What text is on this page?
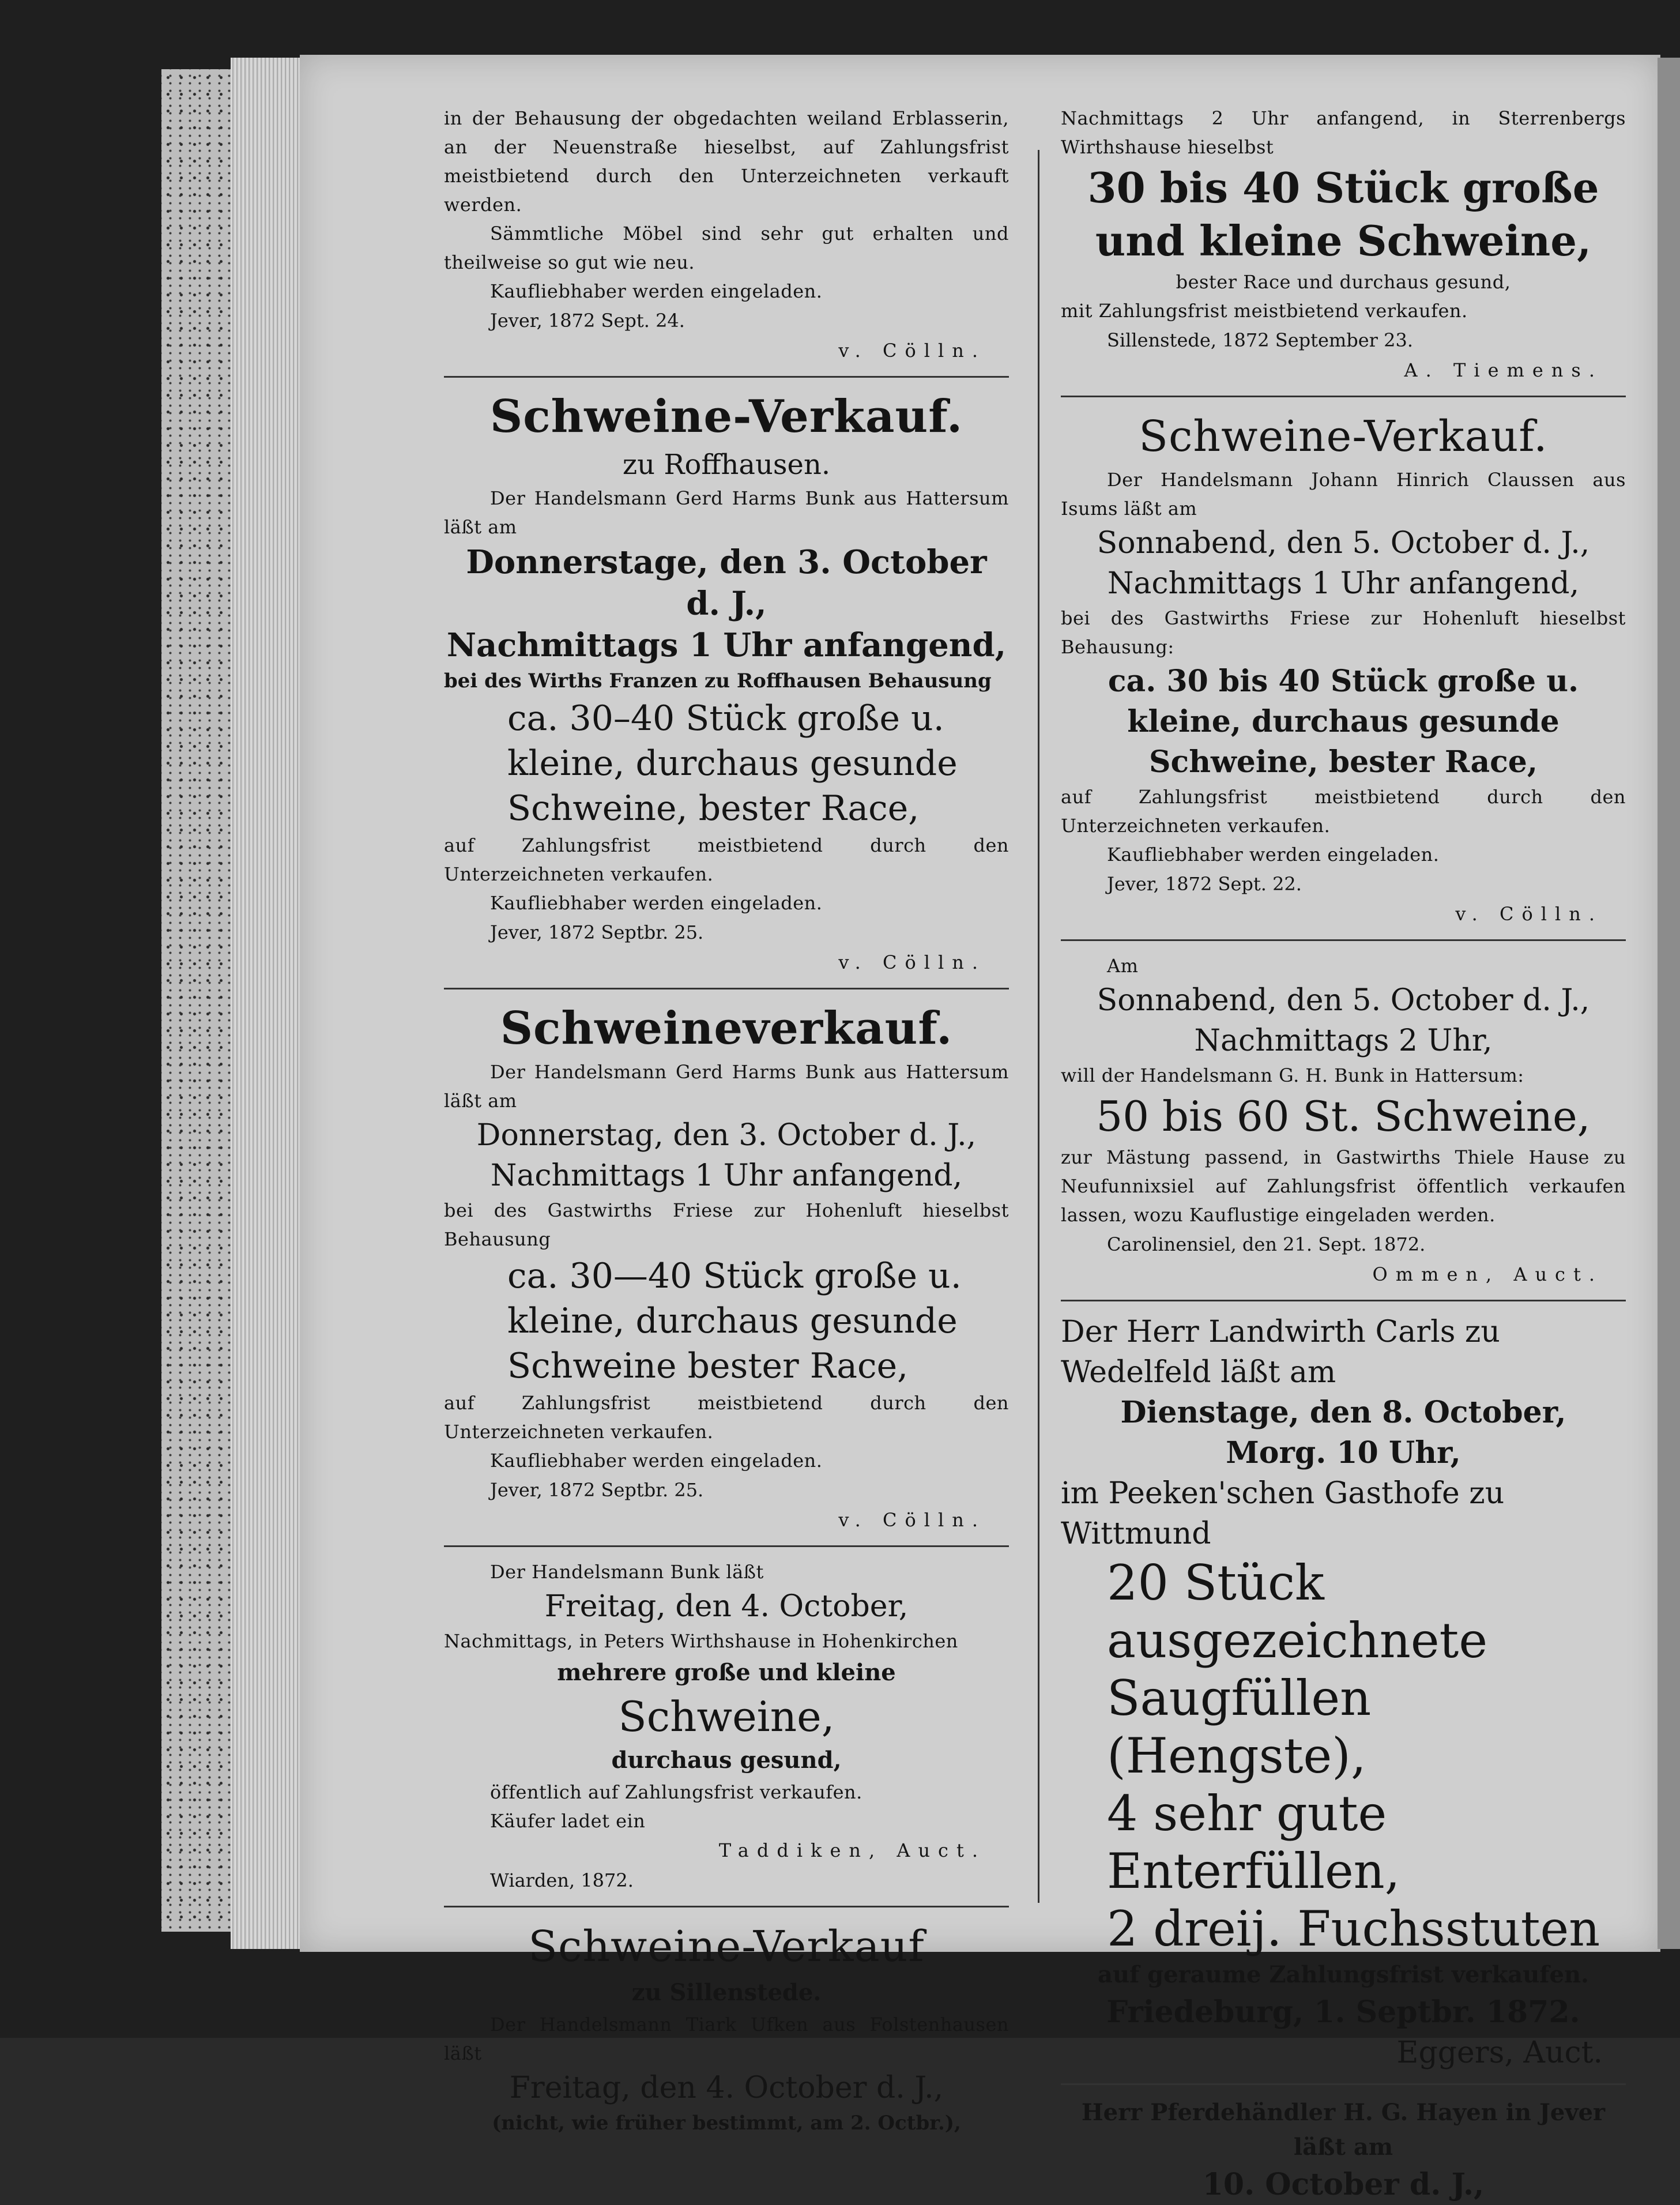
in der Behausung der obgedachten weiland Erblasserin, an der Neuenstraße hieselbst, auf Zahlungsfrist meistbietend durch den Unterzeichneten verkauft werden.

Sämmtliche Möbel sind sehr gut erhalten und theilweise so gut wie neu.

Kaufliebhaber werden eingeladen.

Jever, 1872 Sept. 24.

v. Cölln.

Schweine-Verkauf.

zu Roffhausen.

Der Handelsmann Gerd Harms Bunk aus Hattersum läßt am

Donnerstage, den 3. October d. J.,

Nachmittags 1 Uhr anfangend,

bei des Wirths Franzen zu Roffhausen Behausung

ca. 30–40 Stück große u. kleine, durchaus gesunde Schweine, bester Race,

auf Zahlungsfrist meistbietend durch den Unterzeichneten verkaufen.

Kaufliebhaber werden eingeladen.

Jever, 1872 Septbr. 25.

v. Cölln.

Schweineverkauf.

Der Handelsmann Gerd Harms Bunk aus Hattersum läßt am

Donnerstag, den 3. October d. J.,

Nachmittags 1 Uhr anfangend,

bei des Gastwirths Friese zur Hohenluft hieselbst Behausung

ca. 30—40 Stück große u. kleine, durchaus gesunde Schweine bester Race,

auf Zahlungsfrist meistbietend durch den Unterzeichneten verkaufen.

Kaufliebhaber werden eingeladen.

Jever, 1872 Septbr. 25.

v. Cölln.

Der Handelsmann Bunk läßt

Freitag, den 4. October,

Nachmittags, in Peters Wirthshause in Hohenkirchen

mehrere große und kleine

Schweine,

durchaus gesund,

öffentlich auf Zahlungsfrist verkaufen.

Käufer ladet ein

Taddiken, Auct.

Wiarden, 1872.

Schweine-Verkauf

zu Sillenstede.

Der Handelsmann Tiark Ufken aus Folstenhausen läßt

Freitag, den 4. October d. J.,

(nicht, wie früher bestimmt, am 2. Octbr.),

Nachmittags 2 Uhr anfangend, in Sterrenbergs Wirthshause hieselbst

30 bis 40 Stück große und kleine Schweine,

bester Race und durchaus gesund,

mit Zahlungsfrist meistbietend verkaufen.

Sillenstede, 1872 September 23.

A. Tiemens.

Schweine-Verkauf.

Der Handelsmann Johann Hinrich Claussen aus Isums läßt am

Sonnabend, den 5. October d. J.,

Nachmittags 1 Uhr anfangend,

bei des Gastwirths Friese zur Hohenluft hieselbst Behausung:

ca. 30 bis 40 Stück große u. kleine, durchaus gesunde Schweine, bester Race,

auf Zahlungsfrist meistbietend durch den Unterzeichneten verkaufen.

Kaufliebhaber werden eingeladen.

Jever, 1872 Sept. 22.

v. Cölln.

Am

Sonnabend, den 5. October d. J.,

Nachmittags 2 Uhr,

will der Handelsmann G. H. Bunk in Hattersum:

50 bis 60 St. Schweine,

zur Mästung passend, in Gastwirths Thiele Hause zu Neufunnixsiel auf Zahlungsfrist öffentlich verkaufen lassen, wozu Kauflustige eingeladen werden.

Carolinensiel, den 21. Sept. 1872.

Ommen, Auct.

Der Herr Landwirth Carls zu Wedelfeld läßt am

Dienstage, den 8. October,

Morg. 10 Uhr,

im Peeken'schen Gasthofe zu Wittmund

20 Stück ausgezeichnete

Saugfüllen (Hengste),

4 sehr gute Enterfüllen,

2 dreij. Fuchsstuten

auf geraume Zahlungsfrist verkaufen.

Friedeburg, 1. Septbr. 1872.

Eggers, Auct.

Herr Pferdehändler H. G. Hayen in Jever läßt am

10. October d. J.,
